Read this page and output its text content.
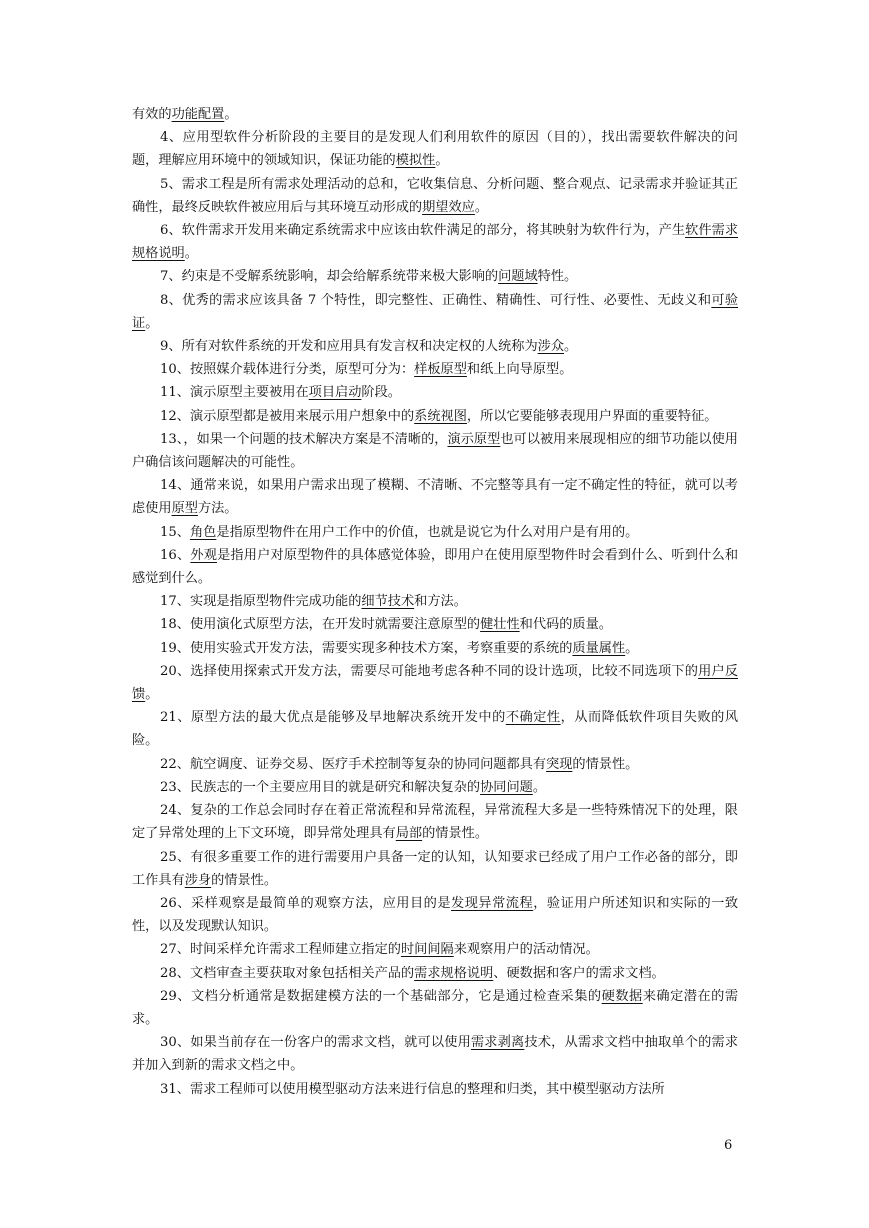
有效的功能配置。

4、应用型软件分析阶段的主要目的是发现人们利用软件的原因（目的），找出需要软件解决的问题，理解应用环境中的领域知识，保证功能的模拟性。

5、需求工程是所有需求处理活动的总和，它收集信息、分析问题、整合观点、记录需求并验证其正确性，最终反映软件被应用后与其环境互动形成的期望效应。

6、软件需求开发用来确定系统需求中应该由软件满足的部分，将其映射为软件行为，产生软件需求规格说明。

7、约束是不受解系统影响，却会给解系统带来极大影响的问题域特性。

8、优秀的需求应该具备 7 个特性，即完整性、正确性、精确性、可行性、必要性、无歧义和可验证。

9、所有对软件系统的开发和应用具有发言权和决定权的人统称为涉众。

10、按照媒介载体进行分类，原型可分为：样板原型和纸上向导原型。

11、演示原型主要被用在项目启动阶段。

12、演示原型都是被用来展示用户想象中的系统视图，所以它要能够表现用户界面的重要特征。

13、，如果一个问题的技术解决方案是不清晰的，演示原型也可以被用来展现相应的细节功能以使用户确信该问题解决的可能性。

14、通常来说，如果用户需求出现了模糊、不清晰、不完整等具有一定不确定性的特征，就可以考虑使用原型方法。

15、角色是指原型物件在用户工作中的价值，也就是说它为什么对用户是有用的。

16、外观是指用户对原型物件的具体感觉体验，即用户在使用原型物件时会看到什么、听到什么和感觉到什么。

17、实现是指原型物件完成功能的细节技术和方法。

18、使用演化式原型方法，在开发时就需要注意原型的健壮性和代码的质量。

19、使用实验式开发方法，需要实现多种技术方案，考察重要的系统的质量属性。

20、选择使用探索式开发方法，需要尽可能地考虑各种不同的设计选项，比较不同选项下的用户反馈。

21、原型方法的最大优点是能够及早地解决系统开发中的不确定性，从而降低软件项目失败的风险。

22、航空调度、证券交易、医疗手术控制等复杂的协同问题都具有突现的情景性。

23、民族志的一个主要应用目的就是研究和解决复杂的协同问题。

24、复杂的工作总会同时存在着正常流程和异常流程，异常流程大多是一些特殊情况下的处理，限定了异常处理的上下文环境，即异常处理具有局部的情景性。

25、有很多重要工作的进行需要用户具备一定的认知，认知要求已经成了用户工作必备的部分，即工作具有涉身的情景性。

26、采样观察是最简单的观察方法，应用目的是发现异常流程，验证用户所述知识和实际的一致性，以及发现默认知识。

27、时间采样允许需求工程师建立指定的时间间隔来观察用户的活动情况。

28、文档审查主要获取对象包括相关产品的需求规格说明、硬数据和客户的需求文档。

29、文档分析通常是数据建模方法的一个基础部分，它是通过检查采集的硬数据来确定潜在的需求。

30、如果当前存在一份客户的需求文档，就可以使用需求剥离技术，从需求文档中抽取单个的需求并加入到新的需求文档之中。

31、需求工程师可以使用模型驱动方法来进行信息的整理和归类，其中模型驱动方法所

6
